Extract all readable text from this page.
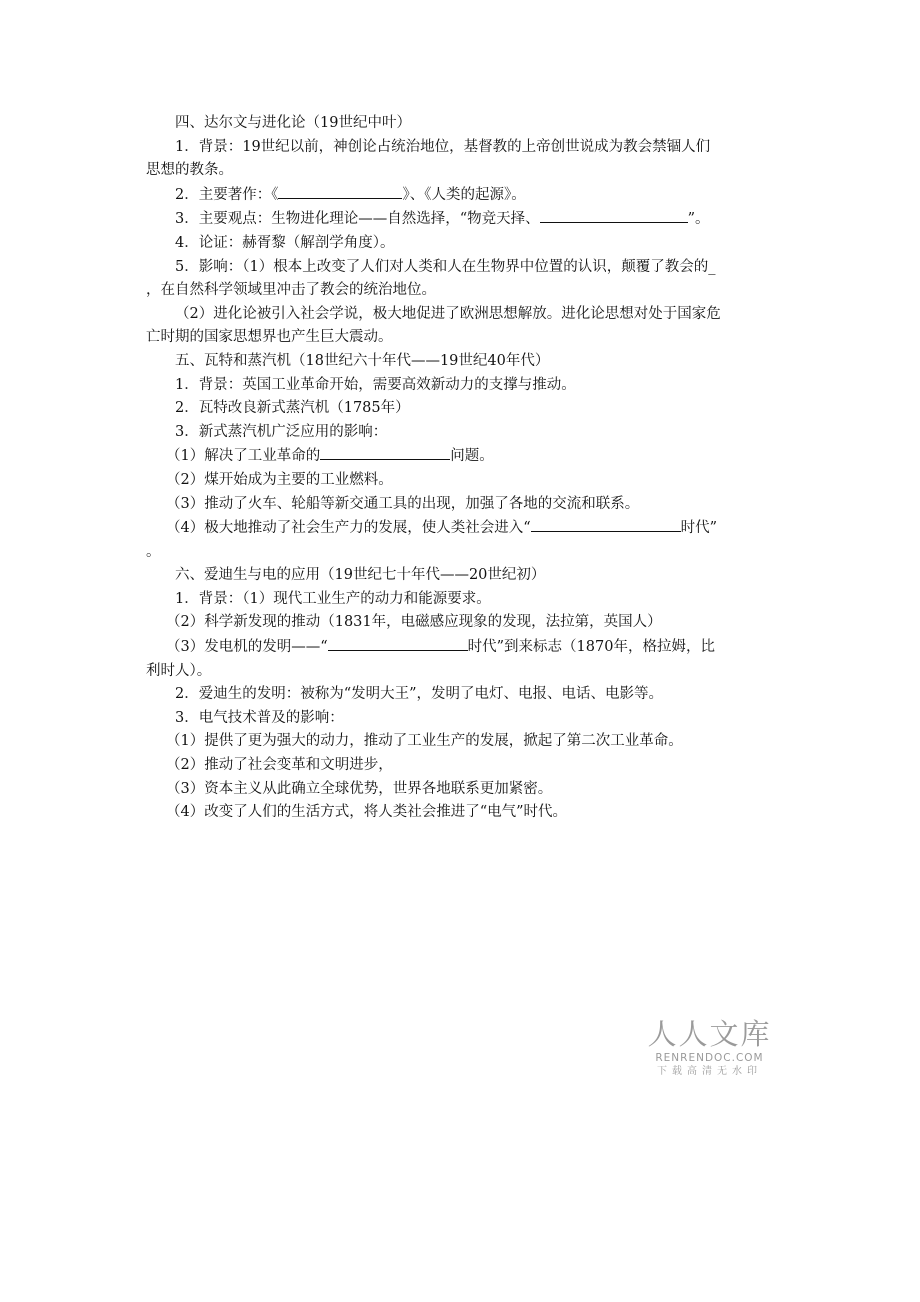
四、达尔文与进化论（19世纪中叶）
1．背景：19世纪以前，神创论占统治地位，基督教的上帝创世说成为教会禁锢人们
思想的教条。
2．主要著作：《	》、《人类的起源》。
3．主要观点：生物进化理论——自然选择，“物竞天择、	”。
4．论证：赫胥黎（解剖学角度）。
5．影响：（1）根本上改变了人们对人类和人在生物界中位置的认识，颠覆了教会的_
，在自然科学领域里冲击了教会的统治地位。
（2）进化论被引入社会学说，极大地促进了欧洲思想解放。进化论思想对处于国家危
亡时期的国家思想界也产生巨大震动。
五、瓦特和蒸汽机（18世纪六十年代——19世纪40年代）
1．背景：英国工业革命开始，需要高效新动力的支撑与推动。
2．瓦特改良新式蒸汽机（1785年）
3．新式蒸汽机广泛应用的影响：
（1）解决了工业革命的	问题。
（2）煤开始成为主要的工业燃料。
（3）推动了火车、轮船等新交通工具的出现，加强了各地的交流和联系。
（4）极大地推动了社会生产力的发展，使人类社会进入“	时代”
。
六、爱迪生与电的应用（19世纪七十年代——20世纪初）
1．背景：（1）现代工业生产的动力和能源要求。
（2）科学新发现的推动（1831年，电磁感应现象的发现，法拉第，英国人）
（3）发电机的发明——“	时代”到来标志（1870年，格拉姆，比
利时人）。
2．爱迪生的发明：被称为“发明大王”，发明了电灯、电报、电话、电影等。
3．电气技术普及的影响：
（1）提供了更为强大的动力，推动了工业生产的发展，掀起了第二次工业革命。
（2）推动了社会变革和文明进步，
（3）资本主义从此确立全球优势，世界各地联系更加紧密。
（4）改变了人们的生活方式，将人类社会推进了“电气”时代。
人人文库
RENRENDOC.COM
下载高清无水印
